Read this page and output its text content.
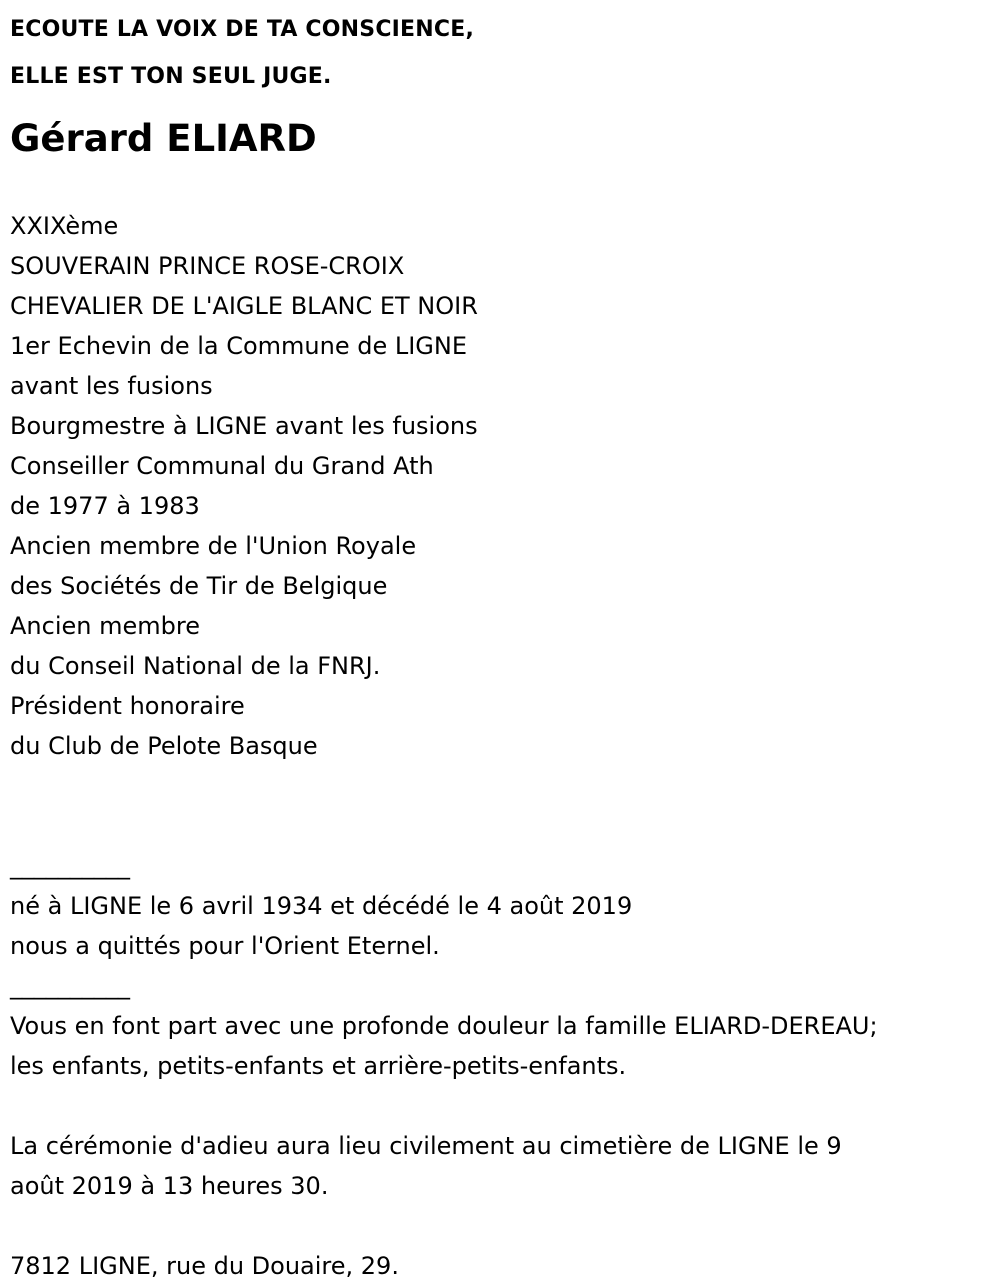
ECOUTE LA VOIX DE TA CONSCIENCE,
ELLE EST TON SEUL JUGE.
Gérard ELIARD
XXIXème
SOUVERAIN PRINCE ROSE-CROIX
CHEVALIER DE L'AIGLE BLANC ET NOIR
1er Echevin de la Commune de LIGNE
avant les fusions
Bourgmestre à LIGNE avant les fusions
Conseiller Communal du Grand Ath
de 1977 à 1983
Ancien membre de l'Union Royale
des Sociétés de Tir de Belgique
Ancien membre
du Conseil National de la FNRJ.
Président honoraire
du Club de Pelote Basque
__________
né à LIGNE le 6 avril 1934 et décédé le 4 août 2019
nous a quittés pour l'Orient Eternel.
__________
Vous en font part avec une profonde douleur la famille ELIARD-DEREAU;
les enfants, petits-enfants et arrière-petits-enfants.
La cérémonie d'adieu aura lieu civilement au cimetière de LIGNE le 9
août 2019 à 13 heures 30.
7812 LIGNE, rue du Douaire, 29.
